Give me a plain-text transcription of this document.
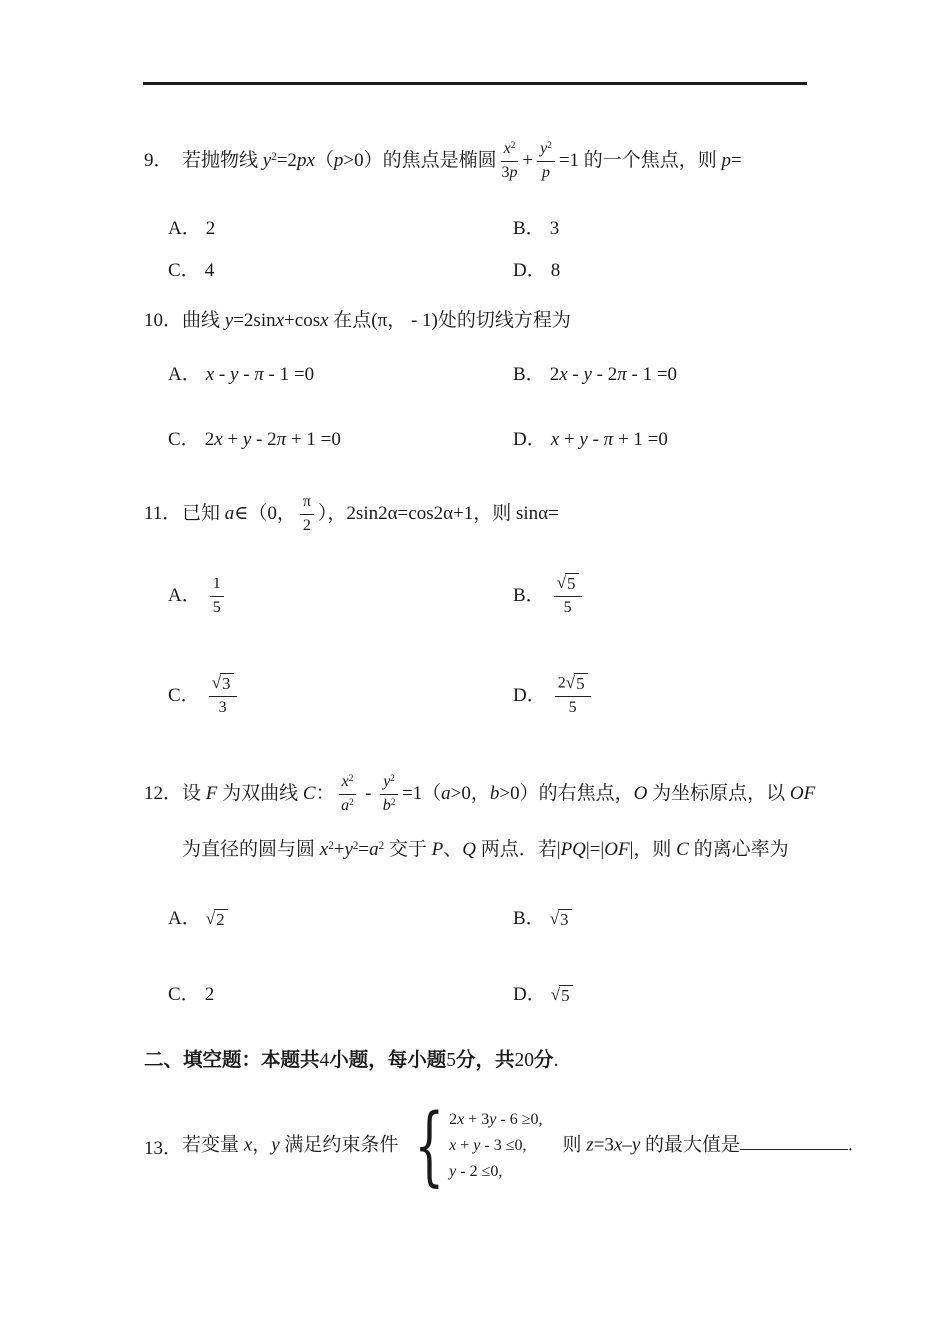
9． 若抛物线 $y^2=2px(p>0)$的焦点是椭圆 $\frac{x^2}{3p} + \frac{y^2}{p} =1$ 的一个焦点，则 p=
A． 2	B． 3
C． 4	D． 8
10． 曲线 y=2sinx+cosx 在点(π， - 1)处的切线方程为
A． x - y - π - 1 =0	B． 2x - y - 2π - 1 =0
C． 2x + y - 2π + 1 =0	D． x + y - π + 1 =0
11． 已知 a∈（0， $\frac{\pi}{2}$ ），2sin2α=cos2α+1，则 sinα=
A． $\frac{1}{5}$	B． $\frac{√ 5}{5}$
C． $\frac{√ 3}{3}$	D． $\frac{2 √ 5}{5}$
12． 设 F 为双曲线 C： $\frac{x^2}{a^2} - \frac{y^2}{b^2} =1(a>0$，b>0）的右焦点，O 为坐标原点，以 OF
为直径的圆与圆 $x^2+y^2=a^2$ 交于 P、Q 两点．若|PQ|=|OF|，则 C 的离心率为
A． √ 2	B． √ 3
C． 2	D． √ 5
二、填空题：本题共4小题，每小题5分，共20分.
13． 若变量 x，y 满足约束条件 { 2x + 3y - 6 ≥0,
x + y - 3 ≤0,
y - 2 ≤0,
则 z=3x–y 的最大值是	.
